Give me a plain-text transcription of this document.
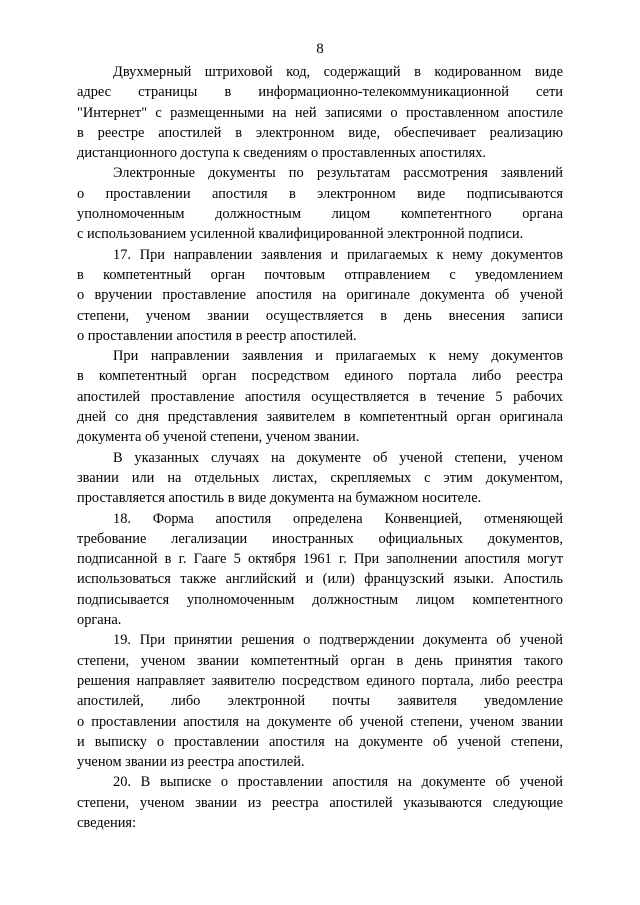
8
Двухмерный штриховой код, содержащий в кодированном виде
адрес страницы в информационно-телекоммуникационной сети
"Интернет" с размещенными на ней записями о проставленном апостиле
в реестре апостилей в электронном виде, обеспечивает реализацию
дистанционного доступа к сведениям о проставленных апостилях.
Электронные документы по результатам рассмотрения заявлений
о проставлении апостиля в электронном виде подписываются
уполномоченным должностным лицом компетентного органа
с использованием усиленной квалифицированной электронной подписи.
17. При направлении заявления и прилагаемых к нему документов
в компетентный орган почтовым отправлением с уведомлением
о вручении проставление апостиля на оригинале документа об ученой
степени, ученом звании осуществляется в день внесения записи
о проставлении апостиля в реестр апостилей.
При направлении заявления и прилагаемых к нему документов
в компетентный орган посредством единого портала либо реестра
апостилей проставление апостиля осуществляется в течение 5 рабочих
дней со дня представления заявителем в компетентный орган оригинала
документа об ученой степени, ученом звании.
В указанных случаях на документе об ученой степени, ученом
звании или на отдельных листах, скрепляемых с этим документом,
проставляется апостиль в виде документа на бумажном носителе.
18. Форма апостиля определена Конвенцией, отменяющей
требование легализации иностранных официальных документов,
подписанной в г. Гааге 5 октября 1961 г. При заполнении апостиля могут
использоваться также английский и (или) французский языки. Апостиль
подписывается уполномоченным должностным лицом компетентного
органа.
19. При принятии решения о подтверждении документа об ученой
степени, ученом звании компетентный орган в день принятия такого
решения направляет заявителю посредством единого портала, либо реестра
апостилей, либо электронной почты заявителя уведомление
о проставлении апостиля на документе об ученой степени, ученом звании
и выписку о проставлении апостиля на документе об ученой степени,
ученом звании из реестра апостилей.
20. В выписке о проставлении апостиля на документе об ученой
степени, ученом звании из реестра апостилей указываются следующие
сведения:
